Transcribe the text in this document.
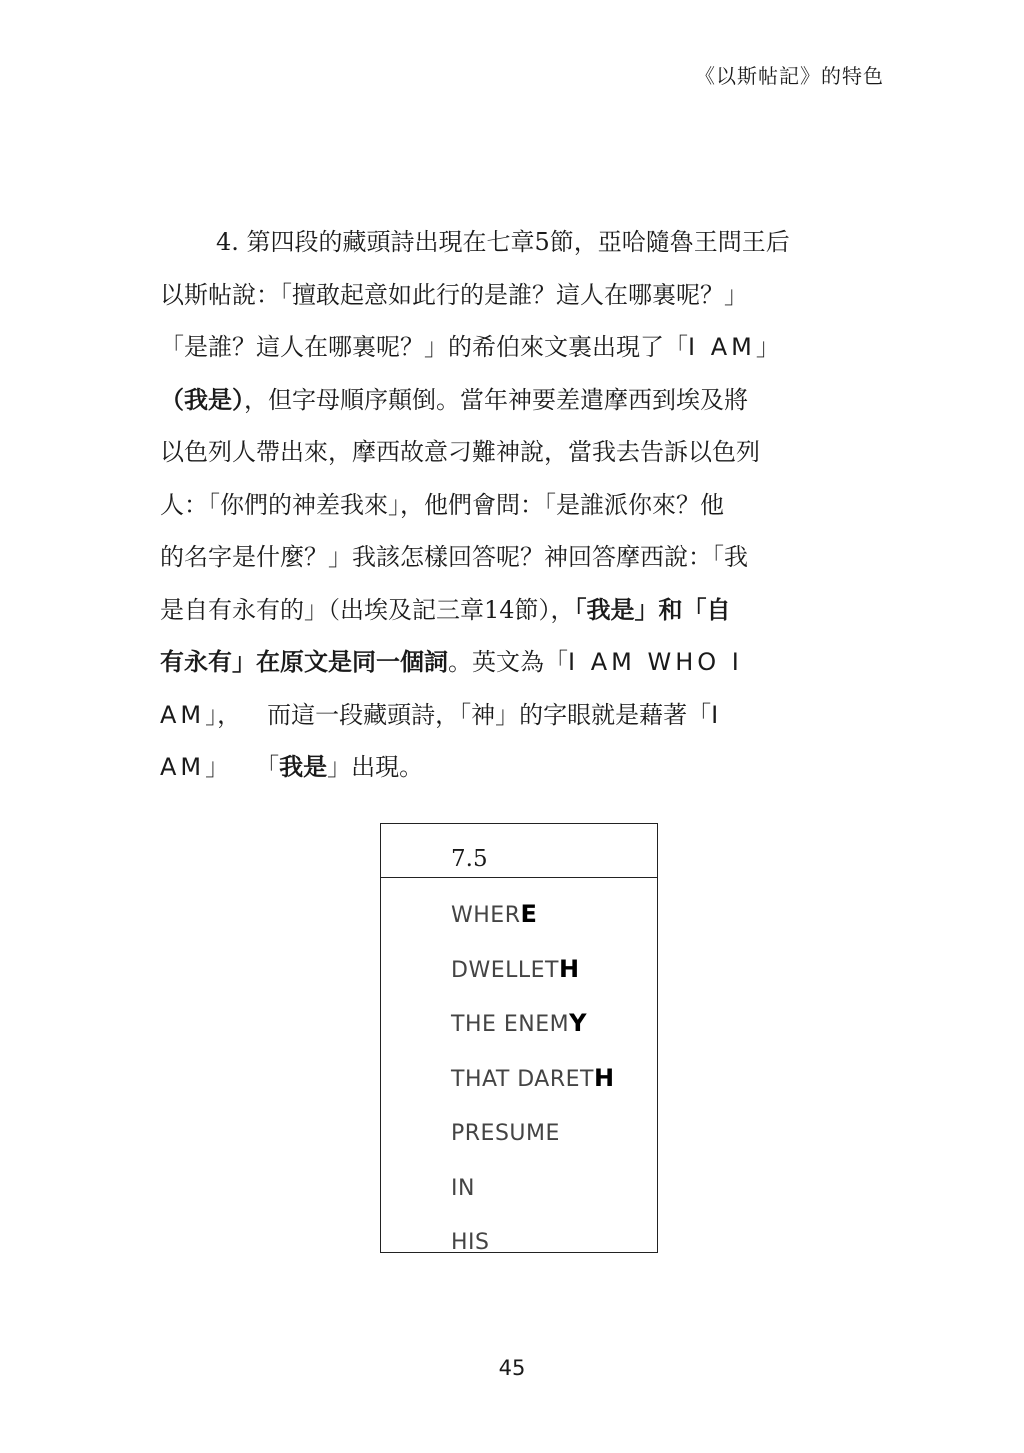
《以斯帖記》的特色
4. 第四段的藏頭詩出現在七章5節，亞哈隨魯王問王后
以斯帖說：「擅敢起意如此行的是誰？這人在哪裏呢？」
「是誰？這人在哪裏呢？」的希伯來文裏出現了「I AM」
（我是），但字母順序顛倒。當年神要差遣摩西到埃及將
以色列人帶出來，摩西故意刁難神說，當我去告訴以色列
人：「你們的神差我來」，他們會問：「是誰派你來？他
的名字是什麼？」我該怎樣回答呢？神回答摩西說：「我
是自有永有的」（出埃及記三章14節），「我是」和「自
有永有」在原文是同一個詞。英文為「I AM WHO I
AM」， 而這一段藏頭詩，「神」的字眼就是藉著「I
AM」 「我是」出現。
7.5
WHERE
DWELLETH
THE ENEMY
THAT DARETH
PRESUME
IN
HIS
45
